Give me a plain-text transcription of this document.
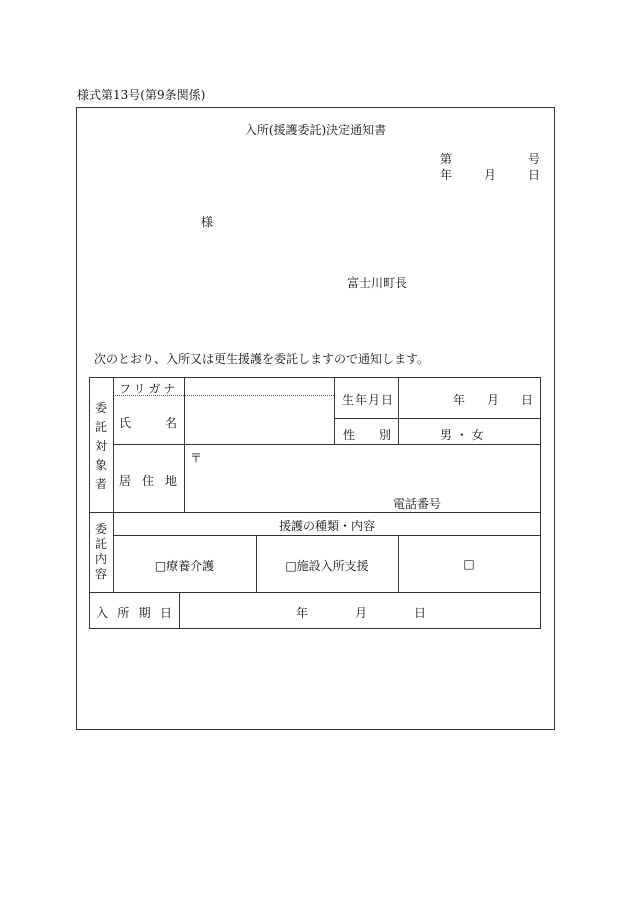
様式第13号(第9条関係)
入所(援護委託)決定通知書
第	号
年	月	日
様
富士川町長
次のとおり、入所又は更生援護を委託しますので通知します。
委託対象者
フリガナ
氏	名
生年月日	年 月 日
性 別	男 ・ 女
居 住 地
〒
電話番号
委託内容
援護の種類・内容
□療養介護	□施設入所支援	□
入 所 期 日	年	月	日
